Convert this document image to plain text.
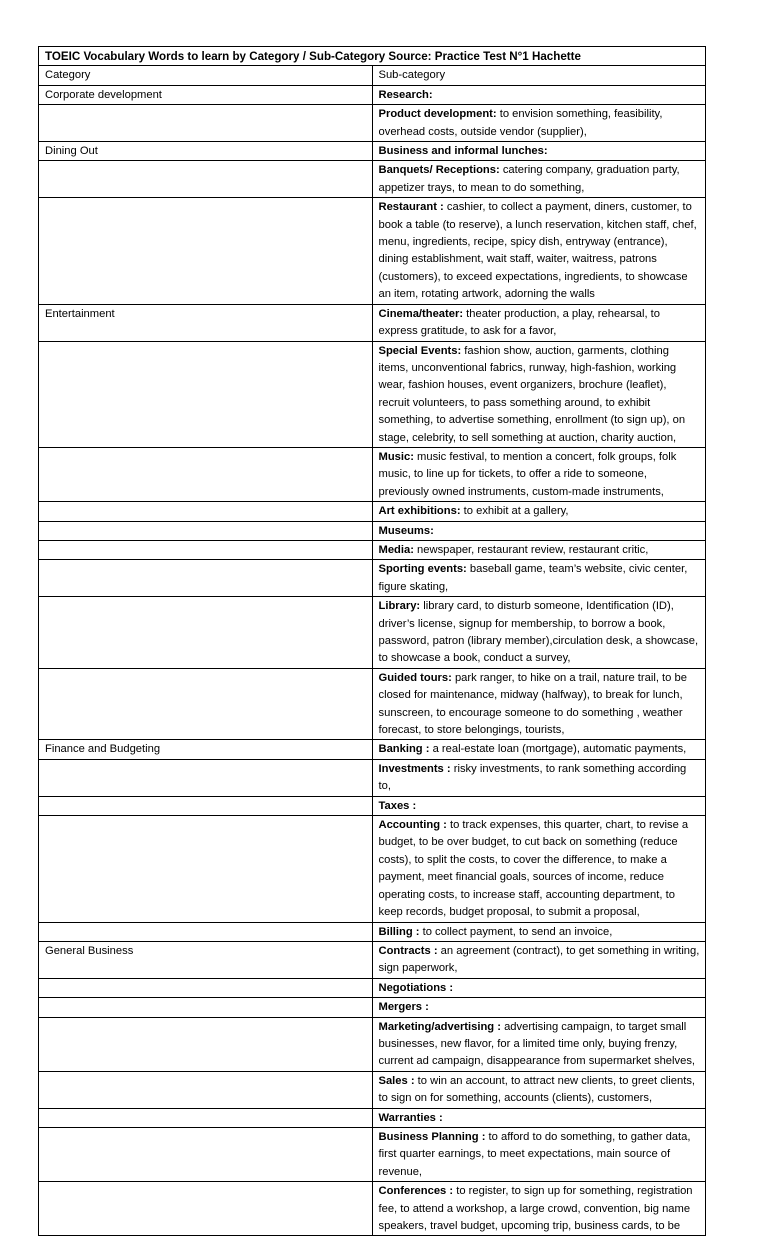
TOEIC Vocabulary Words to learn by Category / Sub-Category Source: Practice Test N°1 Hachette	
Category	Sub-category
Corporate development	Research:
	Product development: to envision something, feasibility, overhead costs, outside vendor (supplier),
Dining Out	Business and informal lunches:
	Banquets/ Receptions: catering company, graduation party, appetizer trays, to mean to do something,
	Restaurant : cashier, to collect a payment, diners, customer, to book a table (to reserve), a lunch reservation, kitchen staff, chef, menu, ingredients, recipe, spicy dish, entryway (entrance), dining establishment, wait staff, waiter, waitress, patrons (customers), to exceed expectations, ingredients, to showcase an item, rotating artwork, adorning the walls
Entertainment	Cinema/theater: theater production, a play, rehearsal, to express gratitude, to ask for a favor,
	Special Events: fashion show, auction, garments, clothing items, unconventional fabrics, runway, high-fashion, working wear, fashion houses, event organizers, brochure (leaflet), recruit volunteers, to pass something around, to exhibit something, to advertise something, enrollment (to sign up), on stage, celebrity, to sell something at auction, charity auction,
	Music: music festival, to mention a concert, folk groups, folk music, to line up for tickets, to offer a ride to someone, previously owned instruments, custom-made instruments,
	Art exhibitions: to exhibit at a gallery,
	Museums:
	Media: newspaper, restaurant review, restaurant critic,
	Sporting events: baseball game, team’s website, civic center, figure skating,
	Library: library card, to disturb someone, Identification (ID), driver’s license, signup for membership, to borrow a book, password, patron (library member),circulation desk, a showcase, to showcase a book, conduct a survey,
	Guided tours: park ranger, to hike on a trail, nature trail, to be closed for maintenance, midway (halfway), to break for lunch, sunscreen, to encourage someone to do something , weather forecast, to store belongings, tourists,
Finance and Budgeting	Banking : a real-estate loan (mortgage), automatic payments,
	Investments : risky investments, to rank something according to,
	Taxes :
	Accounting : to track expenses, this quarter, chart, to revise a budget, to be over budget, to cut back on something (reduce costs), to split the costs, to cover the difference, to make a payment, meet financial goals, sources of income, reduce operating costs, to increase staff, accounting department, to keep records, budget proposal, to submit a proposal,
	Billing : to collect payment, to send an invoice,
General Business	Contracts : an agreement (contract), to get something in writing, sign paperwork,
	Negotiations :
	Mergers :
	Marketing/advertising : advertising campaign, to target small businesses, new flavor, for a limited time only, buying frenzy, current ad campaign, disappearance from supermarket shelves,
	Sales : to win an account, to attract new clients, to greet clients, to sign on for something, accounts (clients), customers,
	Warranties :
	Business Planning : to afford to do something, to gather data, first quarter earnings, to meet expectations, main source of revenue,
	Conferences : to register, to sign up for something, registration fee, to attend a workshop, a large crowd, convention, big name speakers, travel budget, upcoming trip, business cards, to be
